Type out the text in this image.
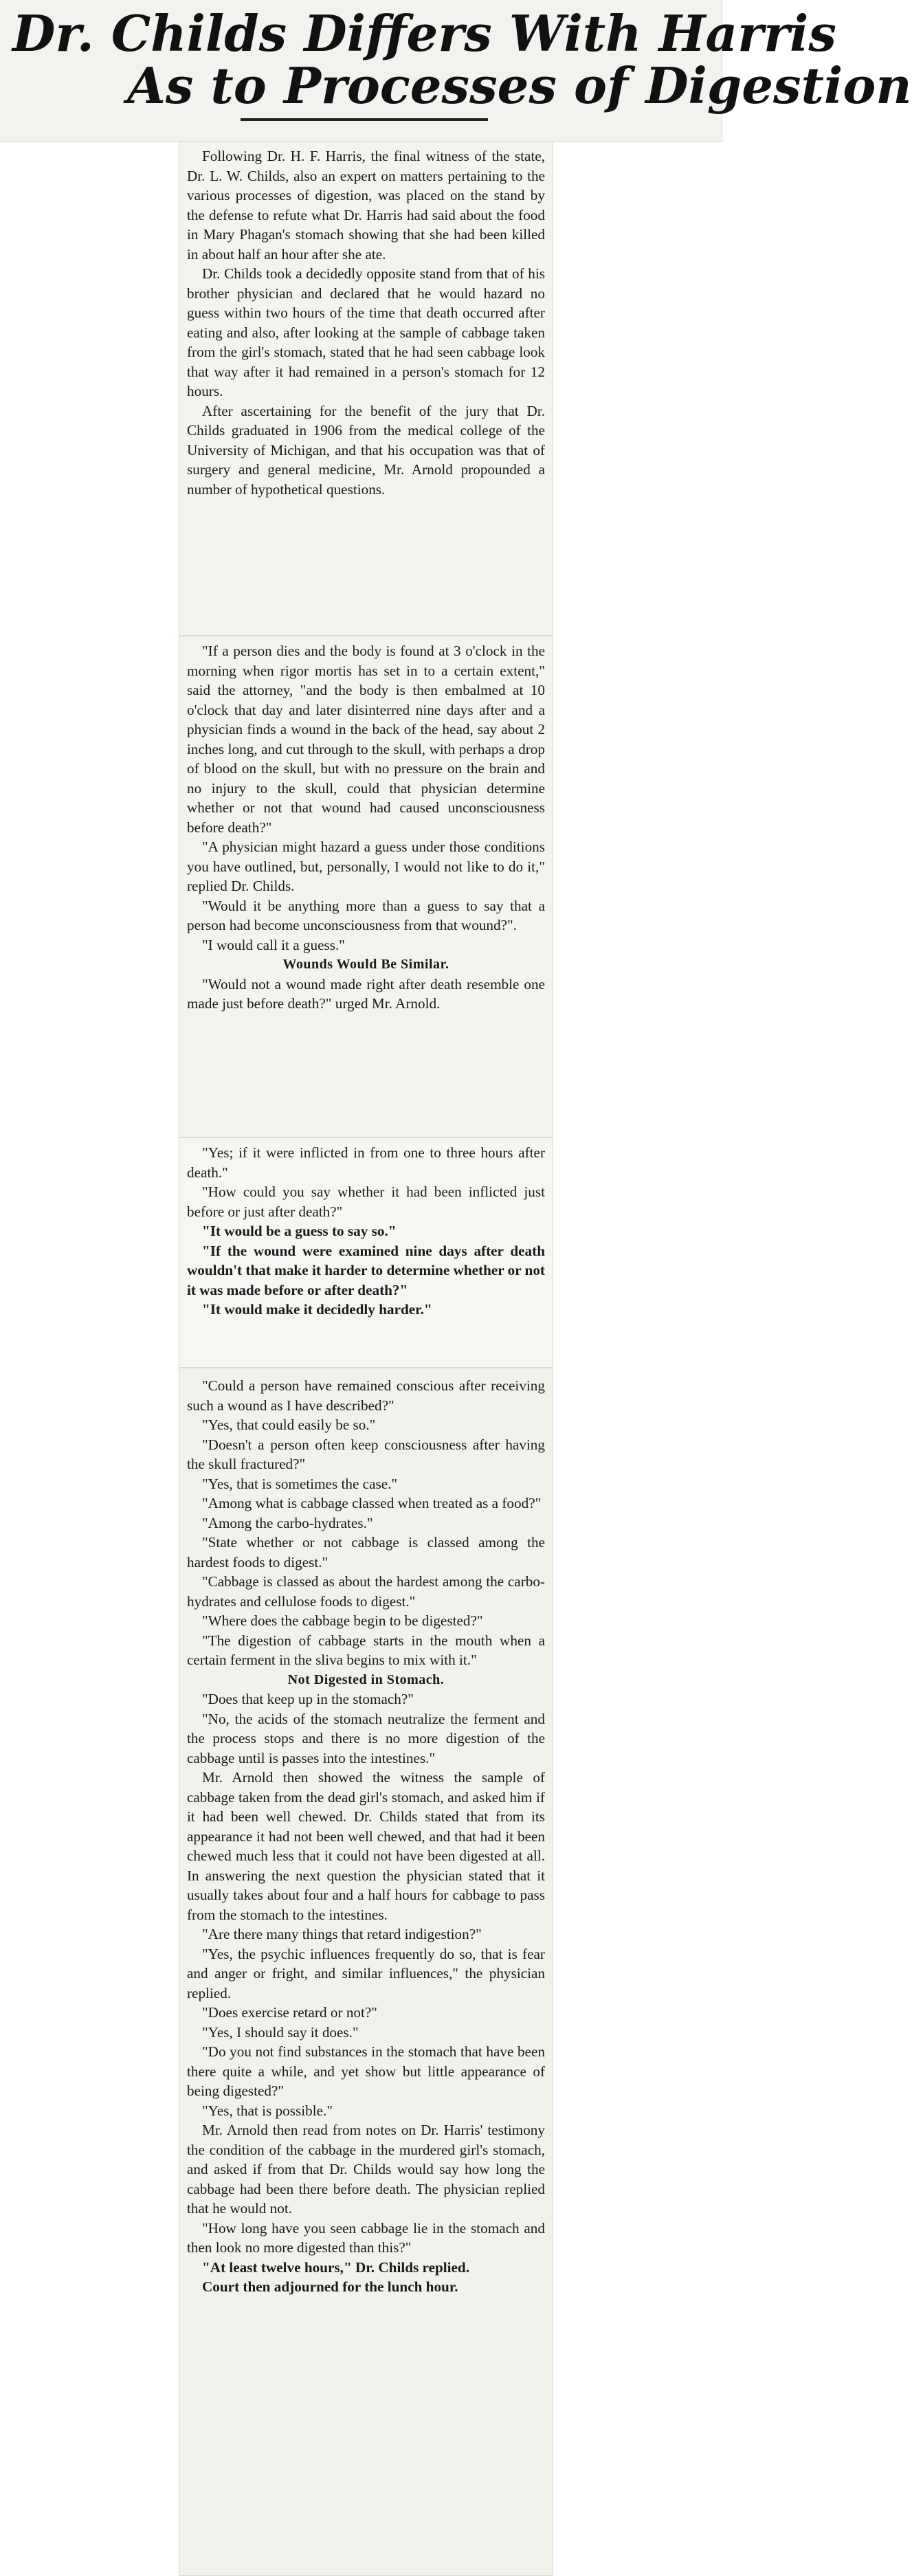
Dr. Childs Differs With Harris
As to Processes of Digestion

Following Dr. H. F. Harris, the final witness of the state, Dr. L. W. Childs, also an expert on matters pertaining to the various processes of digestion, was placed on the stand by the defense to refute what Dr. Harris had said about the food in Mary Phagan's stomach showing that she had been killed in about half an hour after she ate.

Dr. Childs took a decidedly opposite stand from that of his brother physician and declared that he would hazard no guess within two hours of the time that death occurred after eating and also, after looking at the sample of cabbage taken from the girl's stomach, stated that he had seen cabbage look that way after it had remained in a person's stomach for 12 hours.

After ascertaining for the benefit of the jury that Dr. Childs graduated in 1906 from the medical college of the University of Michigan, and that his occupation was that of surgery and general medicine, Mr. Arnold propounded a number of hypothetical questions.

"If a person dies and the body is found at 3 o'clock in the morning when rigor mortis has set in to a certain extent," said the attorney, "and the body is then embalmed at 10 o'clock that day and later disinterred nine days after and a physician finds a wound in the back of the head, say about 2 inches long, and cut through to the skull, with perhaps a drop of blood on the skull, but with no pressure on the brain and no injury to the skull, could that physician determine whether or not that wound had caused unconsciousness before death?"

"A physician might hazard a guess under those conditions you have outlined, but, personally, I would not like to do it," replied Dr. Childs.

"Would it be anything more than a guess to say that a person had become unconsciousness from that wound?".

"I would call it a guess."

Wounds Would Be Similar.

"Would not a wound made right after death resemble one made just before death?" urged Mr. Arnold.

"Yes; if it were inflicted in from one to three hours after death."

"How could you say whether it had been inflicted just before or just after death?"

"It would be a guess to say so."

"If the wound were examined nine days after death wouldn't that make it harder to determine whether or not it was made before or after death?"

"It would make it decidedly harder."

"Could a person have remained conscious after receiving such a wound as I have described?"

"Yes, that could easily be so."

"Doesn't a person often keep consciousness after having the skull fractured?"

"Yes, that is sometimes the case."

"Among what is cabbage classed when treated as a food?"

"Among the carbo-hydrates."

"State whether or not cabbage is classed among the hardest foods to digest."

"Cabbage is classed as about the hardest among the carbo-hydrates and cellulose foods to digest."

"Where does the cabbage begin to be digested?"

"The digestion of cabbage starts in the mouth when a certain ferment in the sliva begins to mix with it."

Not Digested in Stomach.

"Does that keep up in the stomach?"

"No, the acids of the stomach neutralize the ferment and the process stops and there is no more digestion of the cabbage until is passes into the intestines."

Mr. Arnold then showed the witness the sample of cabbage taken from the dead girl's stomach, and asked him if it had been well chewed. Dr. Childs stated that from its appearance it had not been well chewed, and that had it been chewed much less that it could not have been digested at all. In answering the next question the physician stated that it usually takes about four and a half hours for cabbage to pass from the stomach to the intestines.

"Are there many things that retard indigestion?"

"Yes, the psychic influences frequently do so, that is fear and anger or fright, and similar influences," the physician replied.

"Does exercise retard or not?"

"Yes, I should say it does."

"Do you not find substances in the stomach that have been there quite a while, and yet show but little appearance of being digested?"

"Yes, that is possible."

Mr. Arnold then read from notes on Dr. Harris' testimony the condition of the cabbage in the murdered girl's stomach, and asked if from that Dr. Childs would say how long the cabbage had been there before death. The physician replied that he would not.

"How long have you seen cabbage lie in the stomach and then look no more digested than this?"

"At least twelve hours," Dr. Childs replied.

Court then adjourned for the lunch hour.
